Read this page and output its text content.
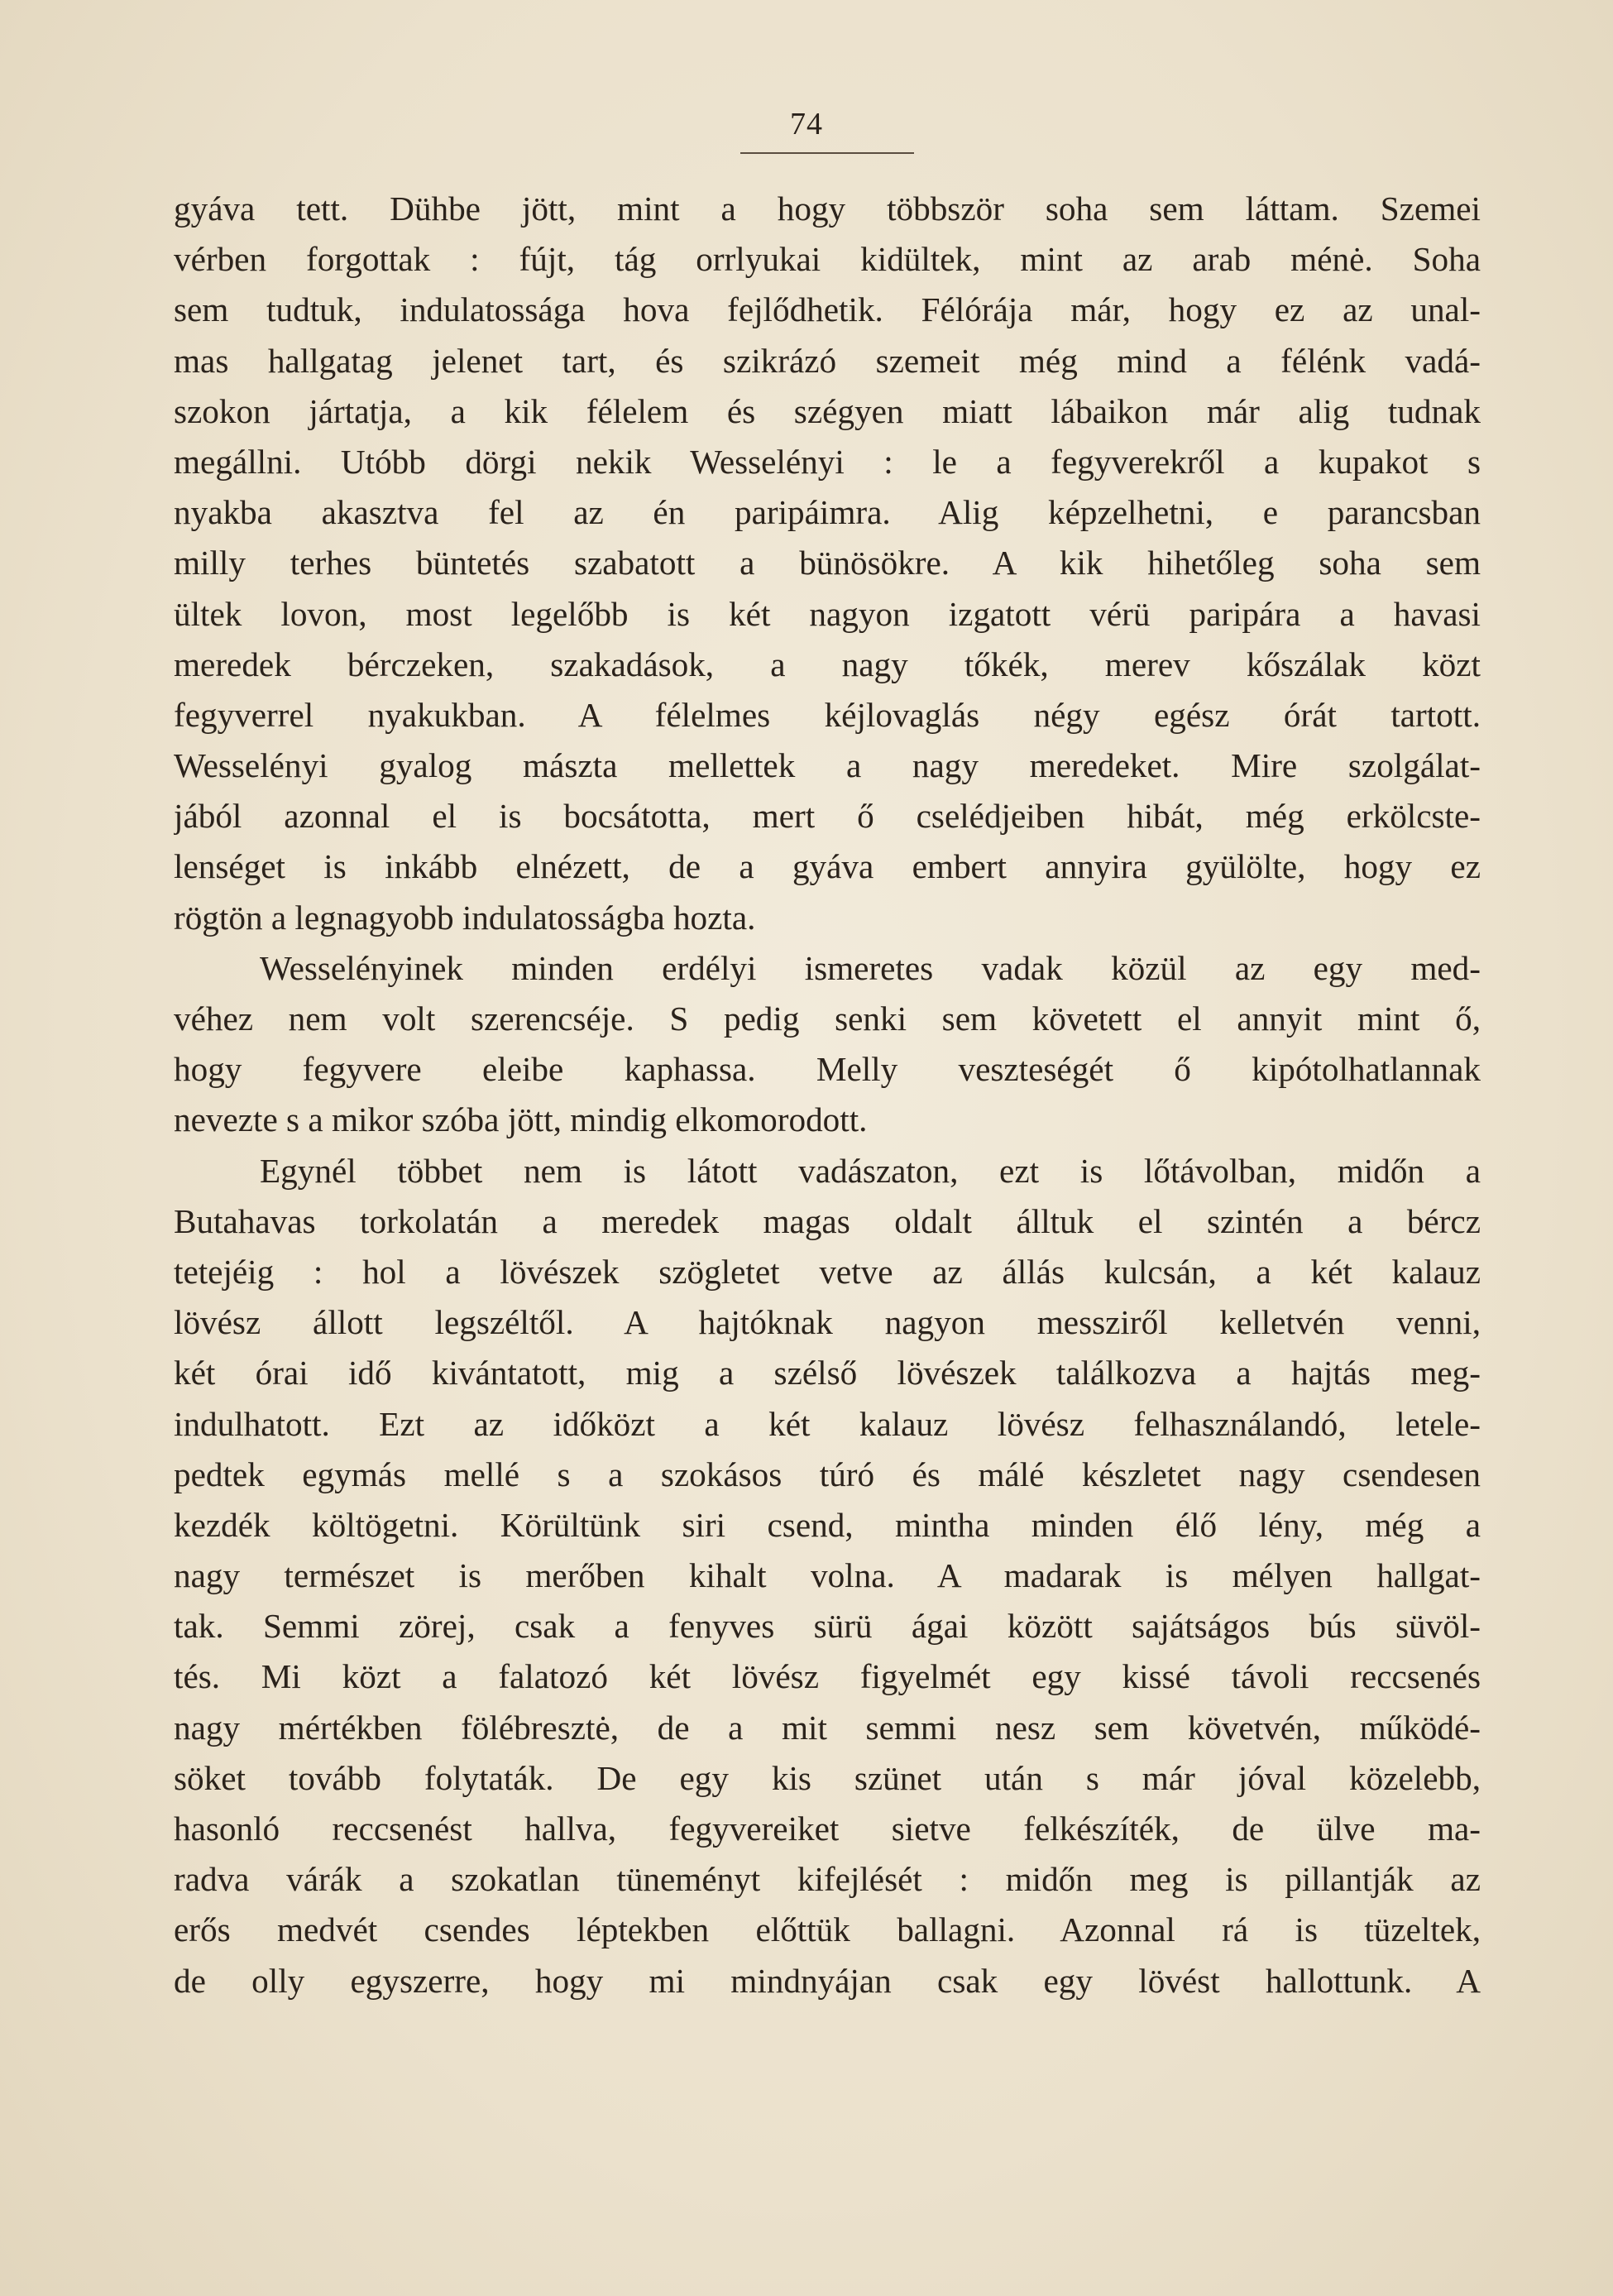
74
gyáva tett. Dühbe jött, mint a hogy többször soha sem láttam. Szemei
vérben forgottak : fújt, tág orrlyukai kidültek, mint az arab ménė. Soha
sem tudtuk, indulatossága hova fejlődhetik. Félórája már, hogy ez az unal-
mas hallgatag jelenet tart, és szikrázó szemeit még mind a félénk vadá-
szokon jártatja, a kik félelem és szégyen miatt lábaikon már alig tudnak
megállni. Utóbb dörgi nekik Wesselényi : le a fegyverekről a kupakot s
nyakba akasztva fel az én paripáimra. Alig képzelhetni, e parancsban
milly terhes büntetés szabatott a bünösökre. A kik hihetőleg soha sem
ültek lovon, most legelőbb is két nagyon izgatott vérü paripára a havasi
meredek bérczeken, szakadások, a nagy tőkék, merev kőszálak közt
fegyverrel nyakukban. A félelmes kéjlovaglás négy egész órát tartott.
Wesselényi gyalog mászta mellettek a nagy meredeket. Mire szolgálat-
jából azonnal el is bocsátotta, mert ő cselédjeiben hibát, még erkölcste-
lenséget is inkább elnézett, de a gyáva embert annyira gyülölte, hogy ez
rögtön a legnagyobb indulatosságba hozta.
Wesselényinek minden erdélyi ismeretes vadak közül az egy med-
véhez nem volt szerencséje. S pedig senki sem követett el annyit mint ő,
hogy fegyvere eleibe kaphassa. Melly veszteségét ő kipótolhatlannak
nevezte s a mikor szóba jött, mindig elkomorodott.
Egynél többet nem is látott vadászaton, ezt is lőtávolban, midőn a
Butahavas torkolatán a meredek magas oldalt álltuk el szintén a bércz
tetejéig : hol a lövészek szögletet vetve az állás kulcsán, a két kalauz
lövész állott legszéltől. A hajtóknak nagyon messziről kelletvén venni,
két órai idő kivántatott, mig a szélső lövészek találkozva a hajtás meg-
indulhatott. Ezt az időközt a két kalauz lövész felhasználandó, letele-
pedtek egymás mellé s a szokásos túró és málé készletet nagy csendesen
kezdék költögetni. Körültünk siri csend, mintha minden élő lény, még a
nagy természet is merőben kihalt volna. A madarak is mélyen hallgat-
tak. Semmi zörej, csak a fenyves sürü ágai között sajátságos bús süvöl-
tés. Mi közt a falatozó két lövész figyelmét egy kissé távoli reccsenés
nagy mértékben fölébresztė, de a mit semmi nesz sem követvén, működé-
söket tovább folytaták. De egy kis szünet után s már jóval közelebb,
hasonló reccsenést hallva, fegyvereiket sietve felkészíték, de ülve ma-
radva várák a szokatlan tüneményt kifejlését : midőn meg is pillantják az
erős medvét csendes léptekben előttük ballagni. Azonnal rá is tüzeltek,
de olly egyszerre, hogy mi mindnyájan csak egy lövést hallottunk. A
